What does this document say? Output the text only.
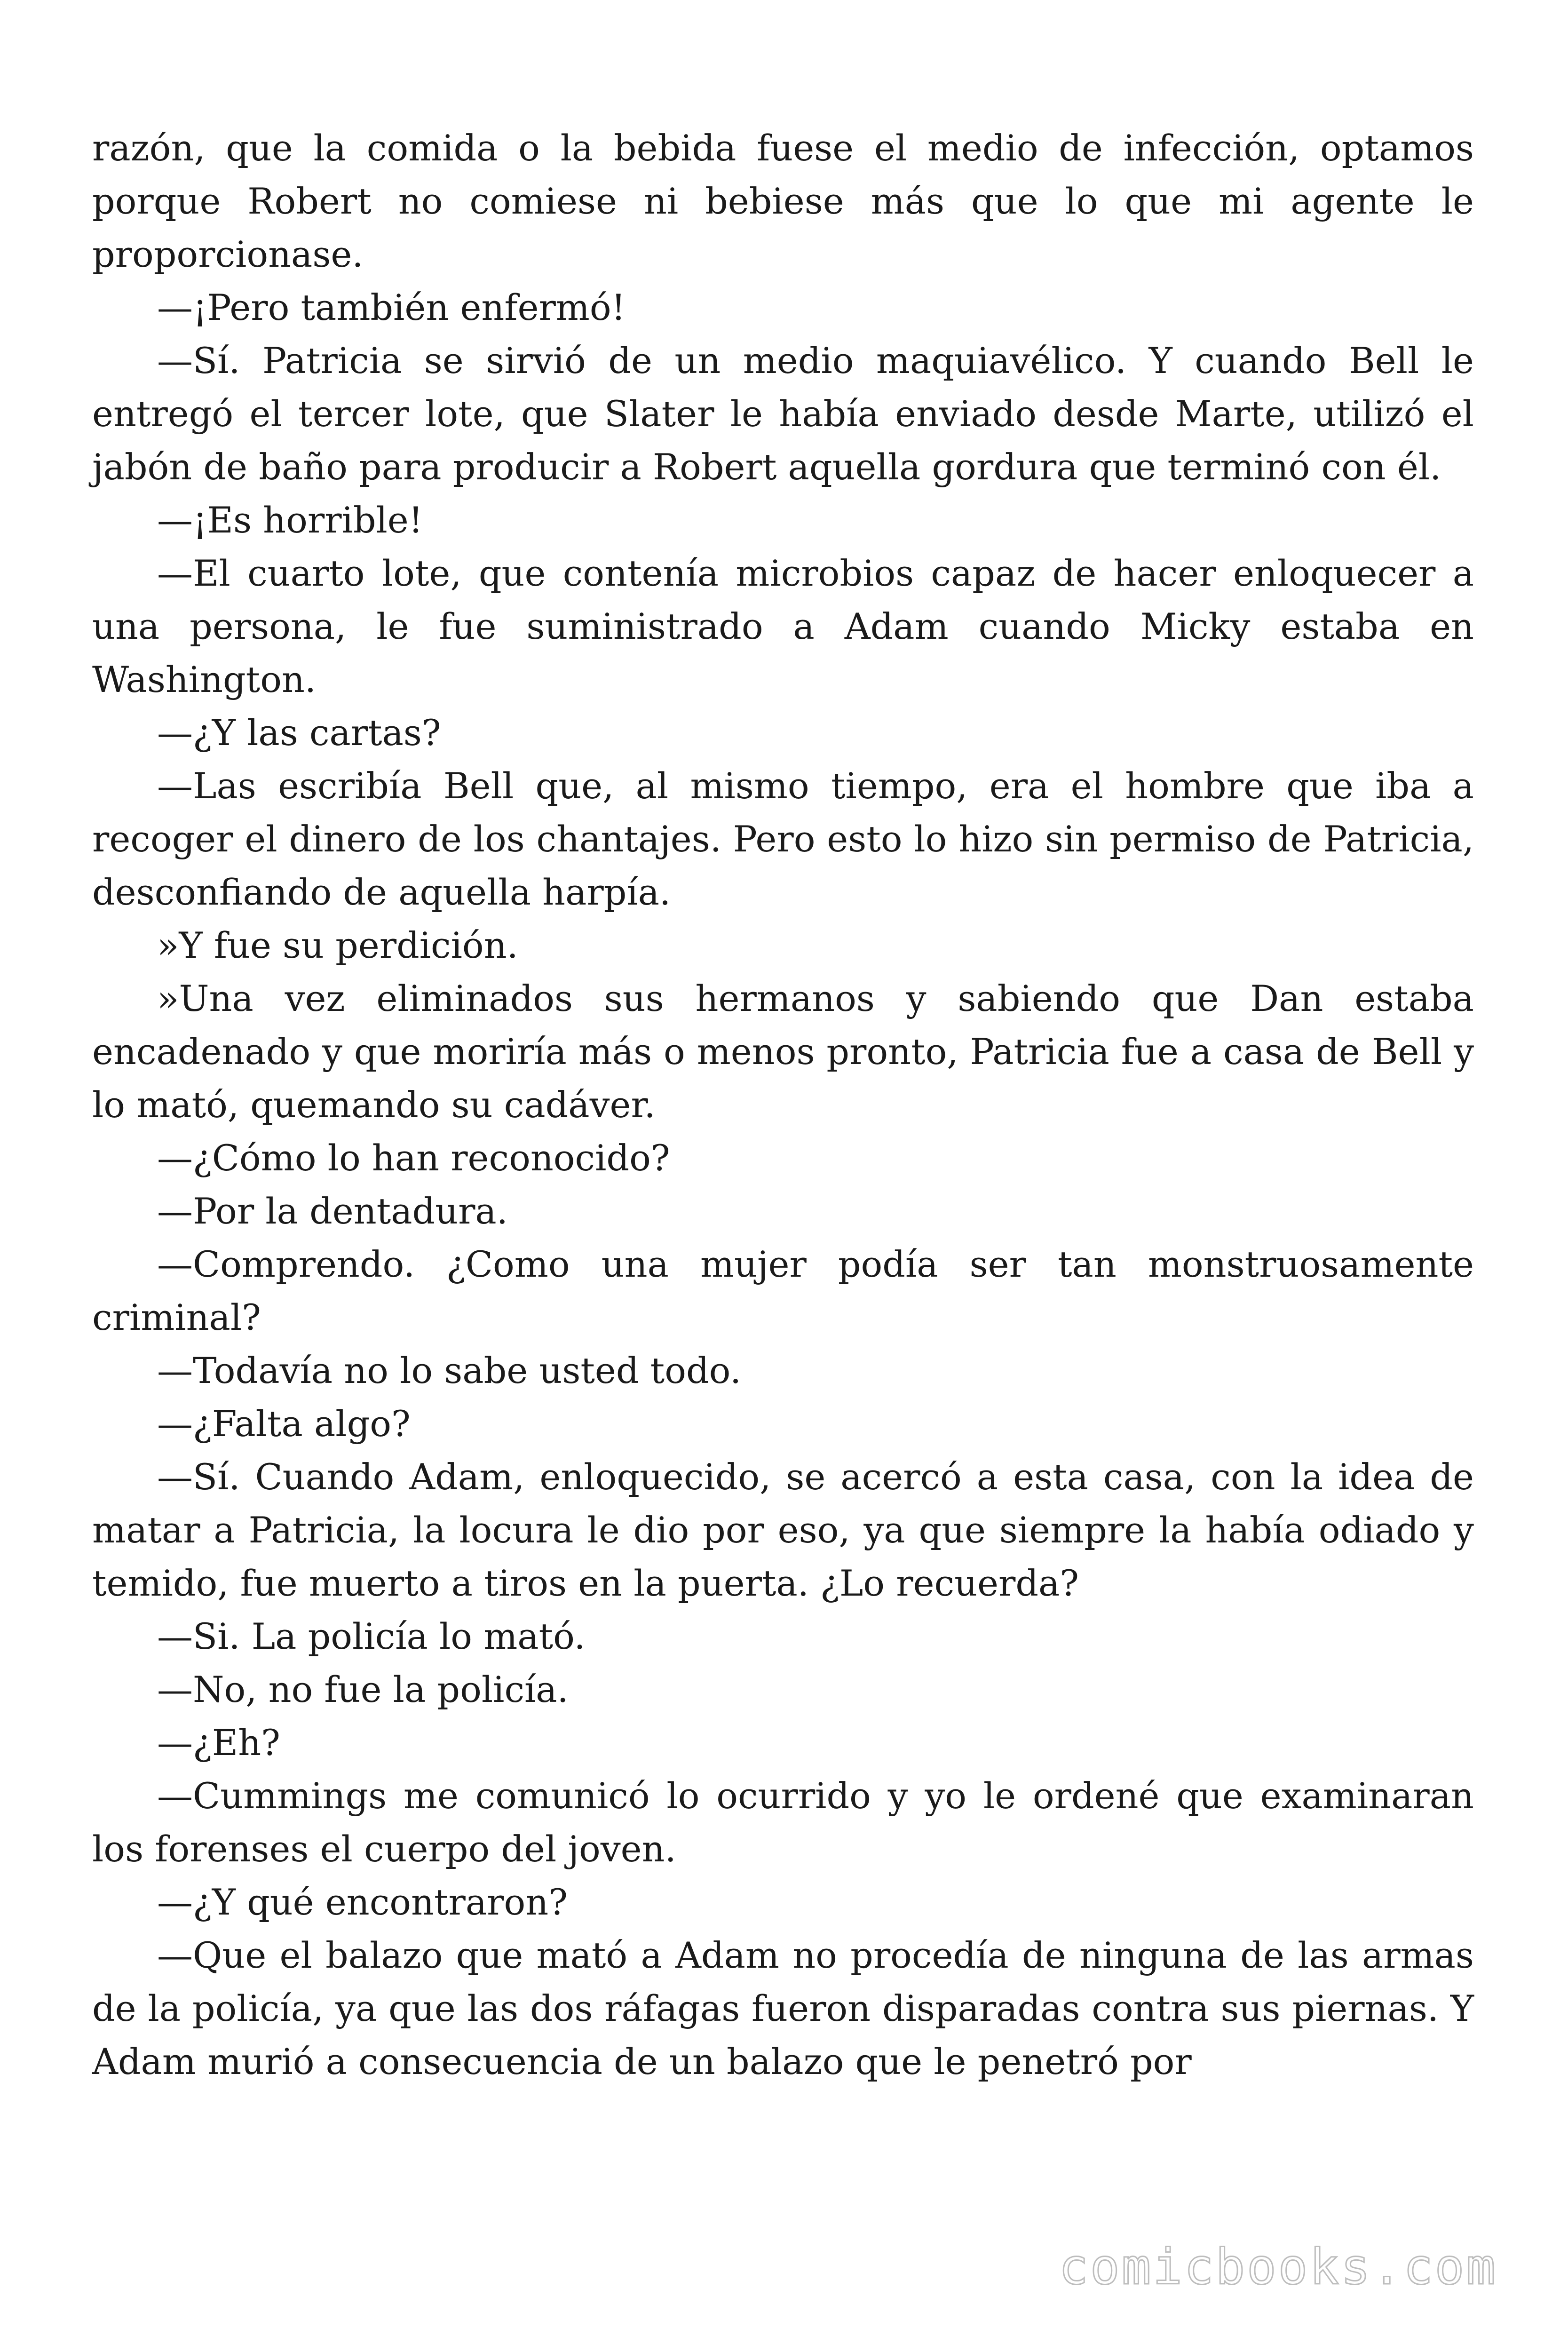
razón, que la comida o la bebida fuese el medio de infección, optamos porque Robert no comiese ni bebiese más que lo que mi agente le proporcionase.

—¡Pero también enfermó!

—Sí. Patricia se sirvió de un medio maquiavélico. Y cuando Bell le entregó el tercer lote, que Slater le había enviado desde Marte, utilizó el jabón de baño para producir a Robert aquella gordura que terminó con él.

—¡Es horrible!

—El cuarto lote, que contenía microbios capaz de hacer enloquecer a una persona, le fue suministrado a Adam cuando Micky estaba en Washington.

—¿Y las cartas?

—Las escribía Bell que, al mismo tiempo, era el hombre que iba a recoger el dinero de los chantajes. Pero esto lo hizo sin permiso de Patricia, desconfiando de aquella harpía.

»Y fue su perdición.

»Una vez eliminados sus hermanos y sabiendo que Dan estaba encadenado y que moriría más o menos pronto, Patricia fue a casa de Bell y lo mató, quemando su cadáver.

—¿Cómo lo han reconocido?

—Por la dentadura.

—Comprendo. ¿Como una mujer podía ser tan monstruosamente criminal?

—Todavía no lo sabe usted todo.

—¿Falta algo?

—Sí. Cuando Adam, enloquecido, se acercó a esta casa, con la idea de matar a Patricia, la locura le dio por eso, ya que siempre la había odiado y temido, fue muerto a tiros en la puerta. ¿Lo recuerda?

—Si. La policía lo mató.

—No, no fue la policía.

—¿Eh?

—Cummings me comunicó lo ocurrido y yo le ordené que examinaran los forenses el cuerpo del joven.

—¿Y qué encontraron?

—Que el balazo que mató a Adam no procedía de ninguna de las armas de la policía, ya que las dos ráfagas fueron disparadas contra sus piernas. Y Adam murió a consecuencia de un balazo que le penetró por

comicbooks.com
